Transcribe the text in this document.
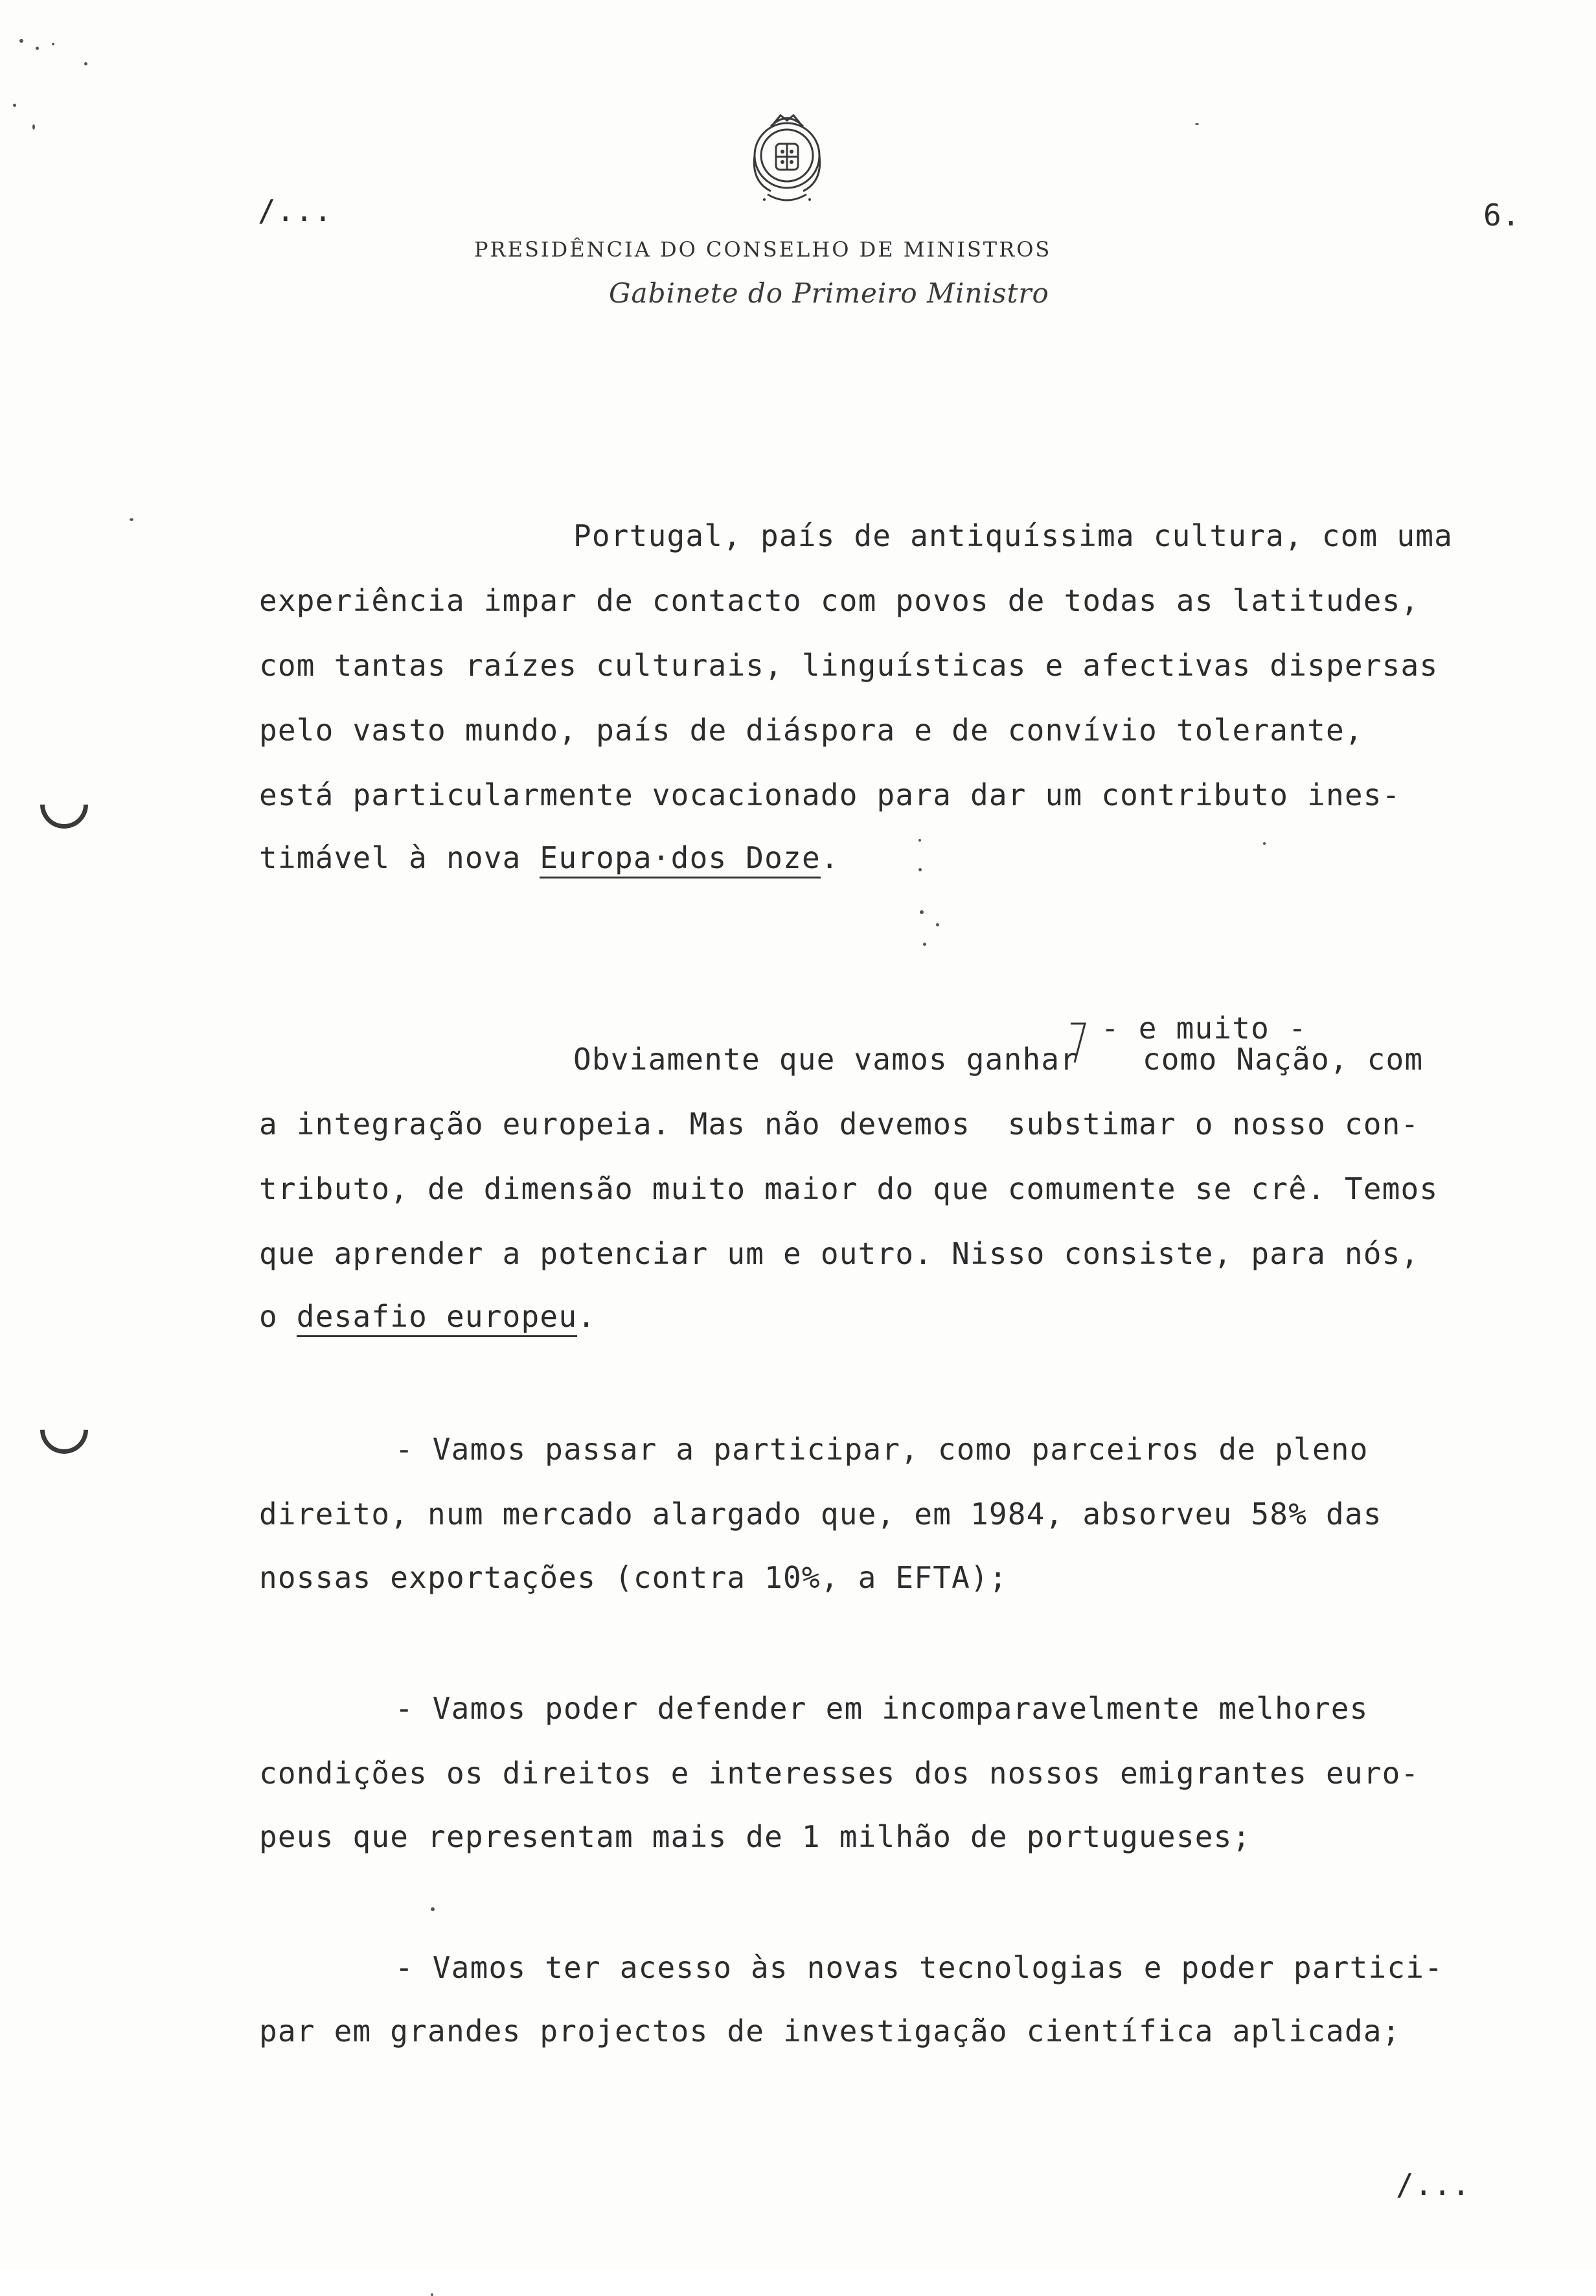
/...	6.
PRESIDÊNCIA DO CONSELHO DE MINISTROS
Gabinete do Primeiro Ministro
Portugal, país de antiquíssima cultura, com uma
experiência impar de contacto com povos de todas as latitudes,
com tantas raízes culturais, linguísticas e afectivas dispersas
pelo vasto mundo, país de diáspora e de convívio tolerante,
está particularmente vocacionado para dar um contributo ines-
timável à nova Europa·dos Doze.
- e muito -
Obviamente que vamos ganhar como Nação, com
a integração europeia. Mas não devemos  substimar o nosso con-
tributo, de dimensão muito maior do que comumente se crê. Temos
que aprender a potenciar um e outro. Nisso consiste, para nós,
o desafio europeu.
- Vamos passar a participar, como parceiros de pleno
direito, num mercado alargado que, em 1984, absorveu 58% das
nossas exportações (contra 10%, a EFTA);
- Vamos poder defender em incomparavelmente melhores
condições os direitos e interesses dos nossos emigrantes euro-
peus que representam mais de 1 milhão de portugueses;
- Vamos ter acesso às novas tecnologias e poder partici-
par em grandes projectos de investigação científica aplicada;
/...
